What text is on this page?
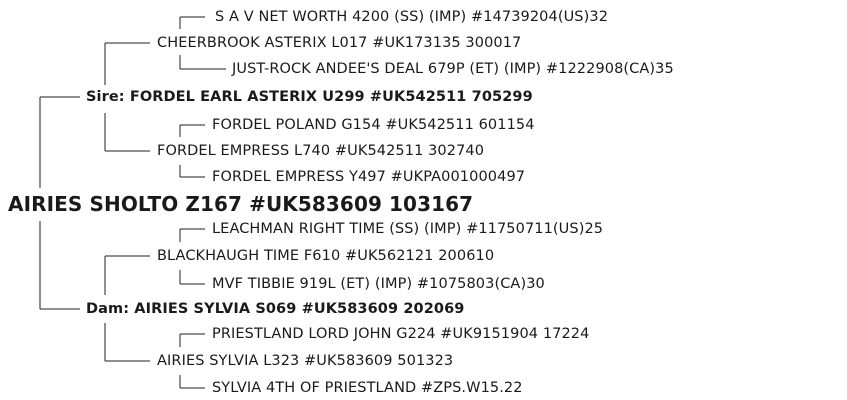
S A V NET WORTH 4200 (SS) (IMP) #14739204(US)32
CHEERBROOK ASTERIX L017 #UK173135 300017
JUST-ROCK ANDEE'S DEAL 679P (ET) (IMP) #1222908(CA)35
Sire: FORDEL EARL ASTERIX U299 #UK542511 705299
FORDEL POLAND G154 #UK542511 601154
FORDEL EMPRESS L740 #UK542511 302740
FORDEL EMPRESS Y497 #UKPA001000497
AIRIES SHOLTO Z167 #UK583609 103167
LEACHMAN RIGHT TIME (SS) (IMP) #11750711(US)25
BLACKHAUGH TIME F610 #UK562121 200610
MVF TIBBIE 919L (ET) (IMP) #1075803(CA)30
Dam: AIRIES SYLVIA S069 #UK583609 202069
PRIESTLAND LORD JOHN G224 #UK9151904 17224
AIRIES SYLVIA L323 #UK583609 501323
SYLVIA 4TH OF PRIESTLAND #ZPS.W15.22
